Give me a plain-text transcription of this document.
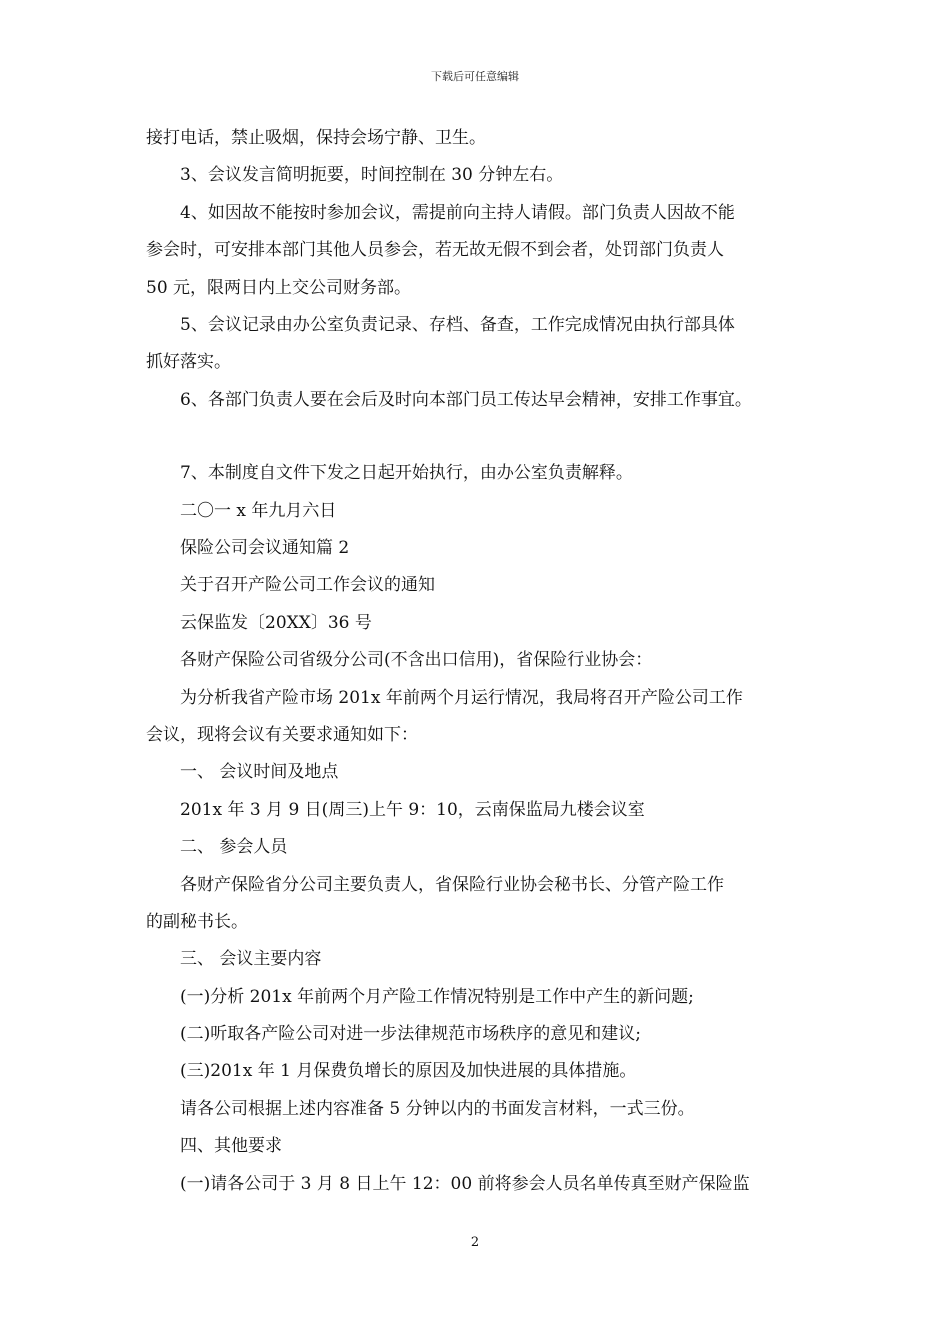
下载后可任意编辑
接打电话，禁止吸烟，保持会场宁静、卫生。
3、会议发言简明扼要，时间控制在 30 分钟左右。
4、如因故不能按时参加会议，需提前向主持人请假。部门负责人因故不能
参会时，可安排本部门其他人员参会，若无故无假不到会者，处罚部门负责人
50 元，限两日内上交公司财务部。
5、会议记录由办公室负责记录、存档、备查，工作完成情况由执行部具体
抓好落实。
6、各部门负责人要在会后及时向本部门员工传达早会精神，安排工作事宜。
7、本制度自文件下发之日起开始执行，由办公室负责解释。
二〇一 x 年九月六日
保险公司会议通知篇 2
关于召开产险公司工作会议的通知
云保监发〔20XX〕36 号
各财产保险公司省级分公司(不含出口信用)，省保险行业协会：
为分析我省产险市场 201x 年前两个月运行情况，我局将召开产险公司工作
会议，现将会议有关要求通知如下：
一、 会议时间及地点
201x 年 3 月 9 日(周三)上午 9：10，云南保监局九楼会议室
二、 参会人员
各财产保险省分公司主要负责人，省保险行业协会秘书长、分管产险工作
的副秘书长。
三、 会议主要内容
(一)分析 201x 年前两个月产险工作情况特别是工作中产生的新问题;
(二)听取各产险公司对进一步法律规范市场秩序的意见和建议;
(三)201x 年 1 月保费负增长的原因及加快进展的具体措施。
请各公司根据上述内容准备 5 分钟以内的书面发言材料，一式三份。
四、其他要求
(一)请各公司于 3 月 8 日上午 12：00 前将参会人员名单传真至财产保险监
2
